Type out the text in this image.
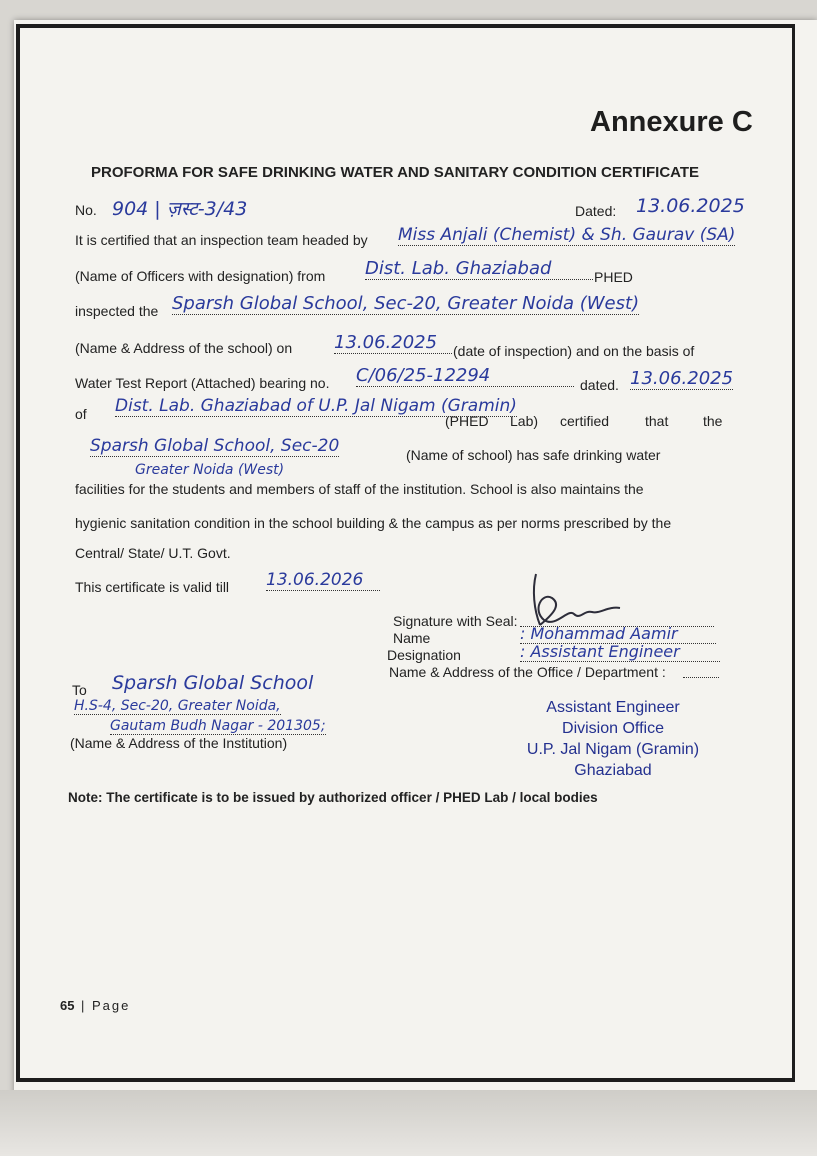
Annexure C
PROFORMA FOR SAFE DRINKING WATER AND SANITARY CONDITION CERTIFICATE
No. 904 | ज़स्ट-3/43	Dated: 13.06.2025
It is certified that an inspection team headed by Miss Anjali (Chemist) & Sh. Gaurav (SA)
(Name of Officers with designation) from Dist. Lab. Ghaziabad	PHED
inspected the Sparsh Global School, Sec-20, Greater Noida (West)
(Name & Address of the school) on 13.06.2025	(date of inspection) and on the basis of
Water Test Report (Attached) bearing no. C/06/25-12294	dated. 13.06.2025
of Dist. Lab. Ghaziabad of U.P. Jal Nigam (Gramin)
(PHED Lab) certified	that the
Sparsh Global School, Sec-20	(Name of school) has safe drinking water
Greater Noida (West)
facilities for the students and members of staff of the institution. School is also maintains the
hygienic sanitation condition in the school building & the campus as per norms prescribed by the
Central/ State/ U.T. Govt.
This certificate is valid till 13.06.2026
Signature with Seal:
Name	: Mohammad Aamir
Designation	: Assistant Engineer
Name & Address of the Office / Department :
To Sparsh Global School
H.S-4, Sec-20, Greater Noida,
Gautam Budh Nagar - 201305;
(Name & Address of the Institution)
Assistant Engineer
Division Office
U.P. Jal Nigam (Gramin)
Ghaziabad
Note: The certificate is to be issued by authorized officer / PHED Lab / local bodies
65 | Page
